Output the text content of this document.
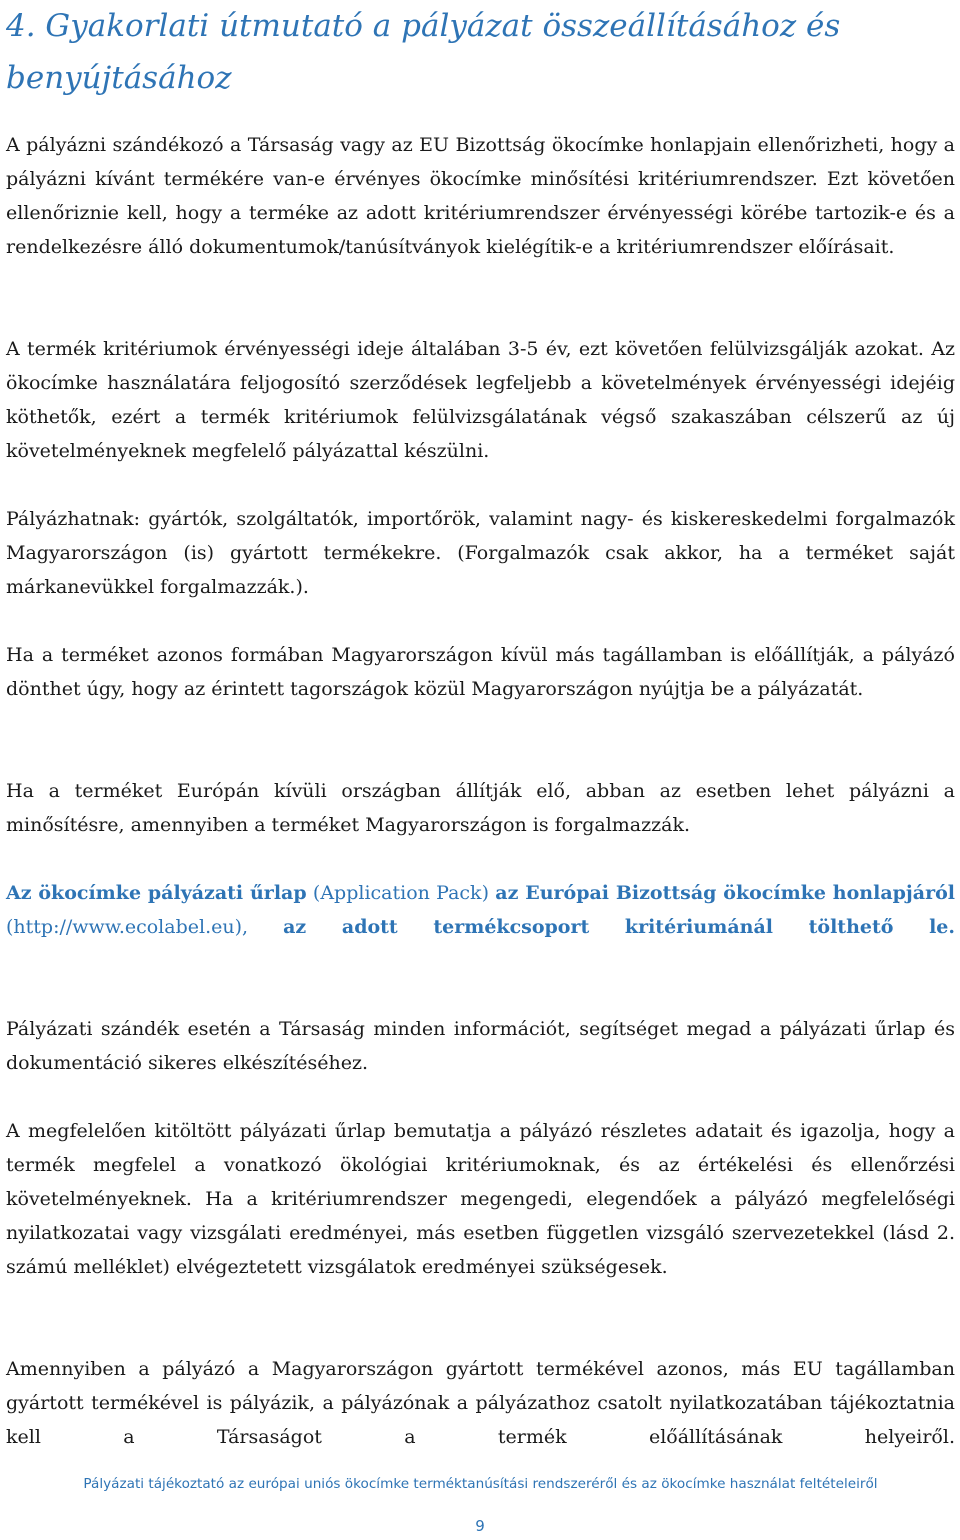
4. Gyakorlati útmutató a pályázat összeállításához és benyújtásához

A pályázni szándékozó a Társaság vagy az EU Bizottság ökocímke honlapjain ellenőrizheti, hogy a pályázni kívánt termékére van-e érvényes ökocímke minősítési kritériumrendszer. Ezt követően ellenőrizniе kell, hogy a terméke az adott kritériumrendszer érvényességi körébe tartozik-e és a rendelkezésre álló dokumentumok/tanúsítványok kielégítik-e a kritériumrendszer előírásait.

A termék kritériumok érvényességi ideje általában 3-5 év, ezt követően felülvizsgálják azokat. Az ökocímke használatára feljogosító szerződések legfeljebb a követelmények érvényességi idejéig köthetők, ezért a termék kritériumok felülvizsgálatának végső szakaszában célszerű az új követelményeknek megfelelő pályázattal készülni.

Pályázhatnak: gyártók, szolgáltatók, importőrök, valamint nagy- és kiskereskedelmi forgalmazók Magyarországon (is) gyártott termékekre. (Forgalmazók csak akkor, ha a terméket saját márkanevükkel forgalmazzák.).

Ha a terméket azonos formában Magyarországon kívül más tagállamban is előállítják, a pályázó dönthet úgy, hogy az érintett tagországok közül Magyarországon nyújtja be a pályázatát.

Ha a terméket Európán kívüli országban állítják elő, abban az esetben lehet pályázni a minősítésre, amennyiben a terméket Magyarországon is forgalmazzák.

Az ökocímke pályázati űrlap (Application Pack) az Európai Bizottság ökocímke honlapjáról (http://www.ecolabel.eu), az adott termékcsoport kritériumánál tölthető le.

Pályázati szándék esetén a Társaság minden információt, segítséget megad a pályázati űrlap és dokumentáció sikeres elkészítéséhez.

A megfelelően kitöltött pályázati űrlap bemutatja a pályázó részletes adatait és igazolja, hogy a termék megfelel a vonatkozó ökológiai kritériumoknak, és az értékelési és ellenőrzési követelményeknek. Ha a kritériumrendszer megengedi, elegendőek a pályázó megfelelőségi nyilatkozatai vagy vizsgálati eredményei, más esetben független vizsgáló szervezetekkel (lásd 2. számú melléklet) elvégeztetett vizsgálatok eredményei szükségesek.

Amennyiben a pályázó a Magyarországon gyártott termékével azonos, más EU tagállamban gyártott termékével is pályázik, a pályázónak a pályázathoz csatolt nyilatkozatában tájékoztatnia kell a Társaságot a termék előállításának helyeiről.

Pályázati tájékoztató az európai uniós ökocímke terméktanúsítási rendszeréről és az ökocímke használat feltételeiről

9
